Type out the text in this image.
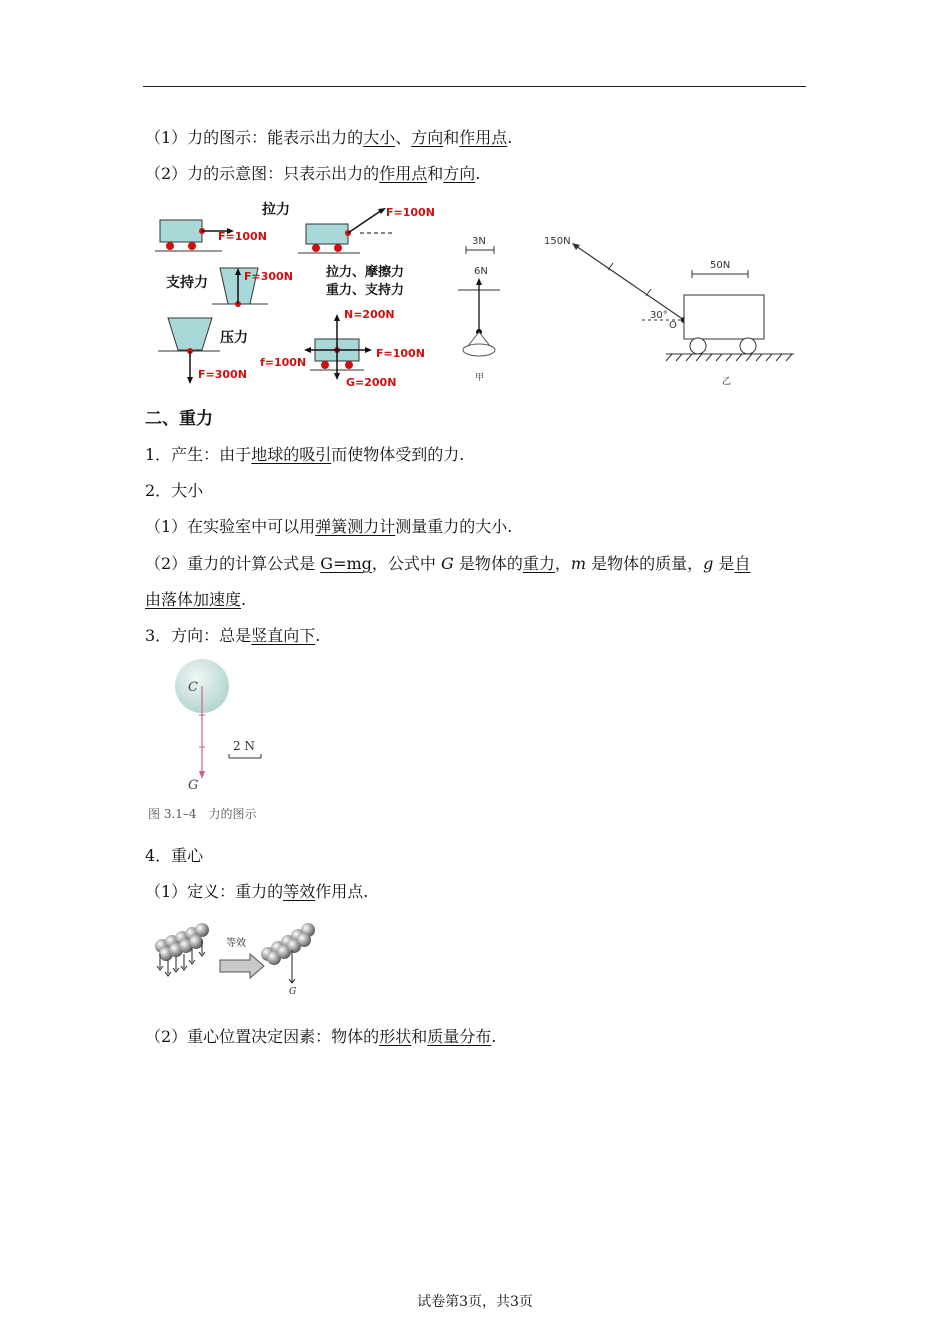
（1）力的图示：能表示出力的大小、方向和作用点.
（2）力的示意图：只表示出力的作用点和方向.
F=100N
拉力	F=100N
支持力	F=300N	拉力、摩擦力
重力、支持力
压力
F=300N
N=200N
f=100N
F=100N
G=200N
3N
6N
甲
150N
30°
O
50N
乙
二、重力
1．产生：由于地球的吸引而使物体受到的力.
2．大小
（1）在实验室中可以用弹簧测力计测量重力的大小.
（2）重力的计算公式是 G=mg，公式中 G 是物体的重力，m 是物体的质量，g 是自
由落体加速度.
3．方向：总是竖直向下.
C
2 N
G
图 3.1–4　力的图示
4．重心
（1）定义：重力的等效作用点.
等效
G
（2）重心位置决定因素：物体的形状和质量分布.
试卷第3页，共3页
